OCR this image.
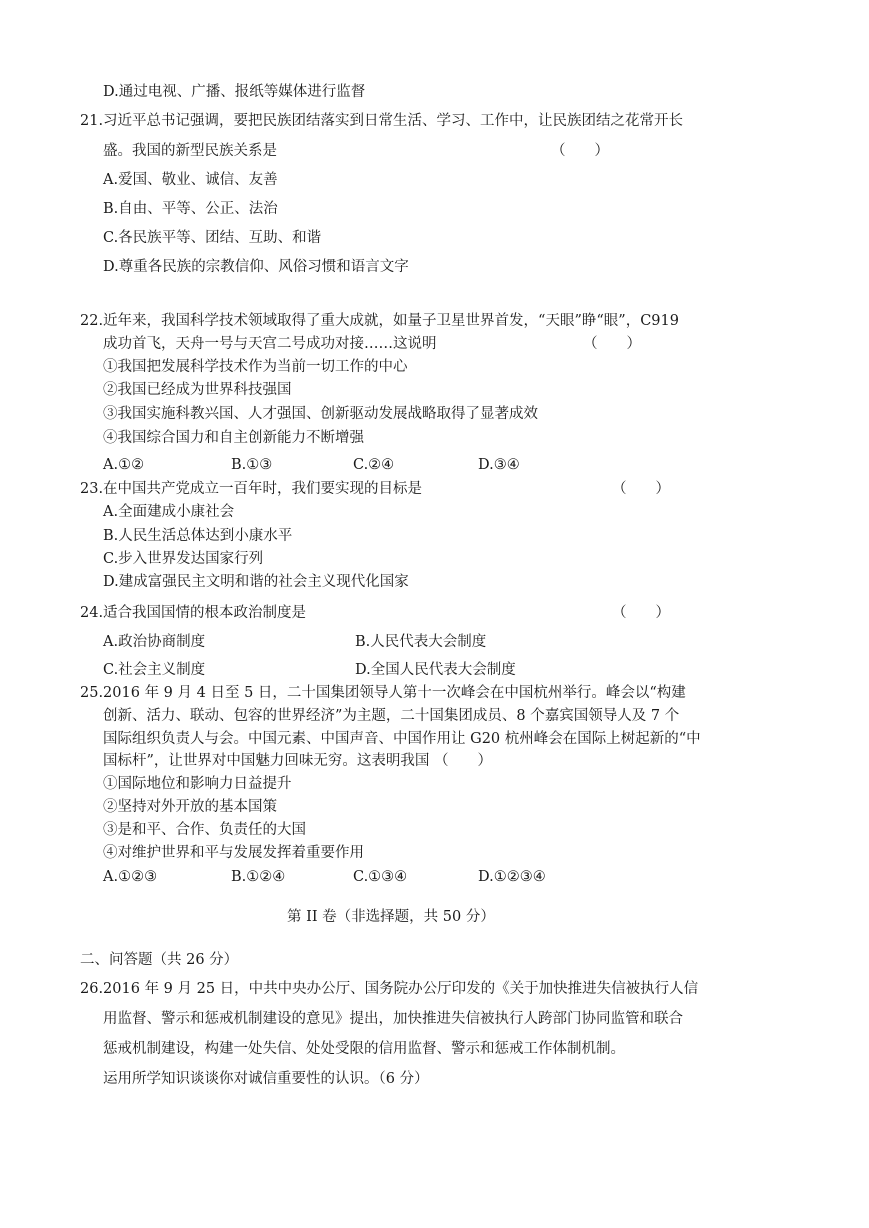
D.通过电视、广播、报纸等媒体进行监督
21.习近平总书记强调，要把民族团结落实到日常生活、学习、工作中，让民族团结之花常开长
盛。我国的新型民族关系是	（　　）
A.爱国、敬业、诚信、友善
B.自由、平等、公正、法治
C.各民族平等、团结、互助、和谐
D.尊重各民族的宗教信仰、风俗习惯和语言文字
22.近年来，我国科学技术领域取得了重大成就，如量子卫星世界首发，“天眼”睁“眼”，C919
成功首飞，天舟一号与天宫二号成功对接……这说明	（　　）
①我国把发展科学技术作为当前一切工作的中心
②我国已经成为世界科技强国
③我国实施科教兴国、人才强国、创新驱动发展战略取得了显著成效
④我国综合国力和自主创新能力不断增强
A.①②	B.①③	C.②④	D.③④
23.在中国共产党成立一百年时，我们要实现的目标是	（　　）
A.全面建成小康社会
B.人民生活总体达到小康水平
C.步入世界发达国家行列
D.建成富强民主文明和谐的社会主义现代化国家
24.适合我国国情的根本政治制度是	（　　）
A.政治协商制度	B.人民代表大会制度
C.社会主义制度	D.全国人民代表大会制度
25.2016 年 9 月 4 日至 5 日，二十国集团领导人第十一次峰会在中国杭州举行。峰会以“构建
创新、活力、联动、包容的世界经济”为主题，二十国集团成员、8 个嘉宾国领导人及 7 个
国际组织负责人与会。中国元素、中国声音、中国作用让 G20 杭州峰会在国际上树起新的“中
国标杆”，让世界对中国魅力回味无穷。这表明我国 （　　）
①国际地位和影响力日益提升
②坚持对外开放的基本国策
③是和平、合作、负责任的大国
④对维护世界和平与发展发挥着重要作用
A.①②③	B.①②④	C.①③④	D.①②③④
第 II 卷（非选择题，共 50 分）
二、问答题（共 26 分）
26.2016 年 9 月 25 日，中共中央办公厅、国务院办公厅印发的《关于加快推进失信被执行人信
用监督、警示和惩戒机制建设的意见》提出，加快推进失信被执行人跨部门协同监管和联合
惩戒机制建设，构建一处失信、处处受限的信用监督、警示和惩戒工作体制机制。
运用所学知识谈谈你对诚信重要性的认识。（6 分）
